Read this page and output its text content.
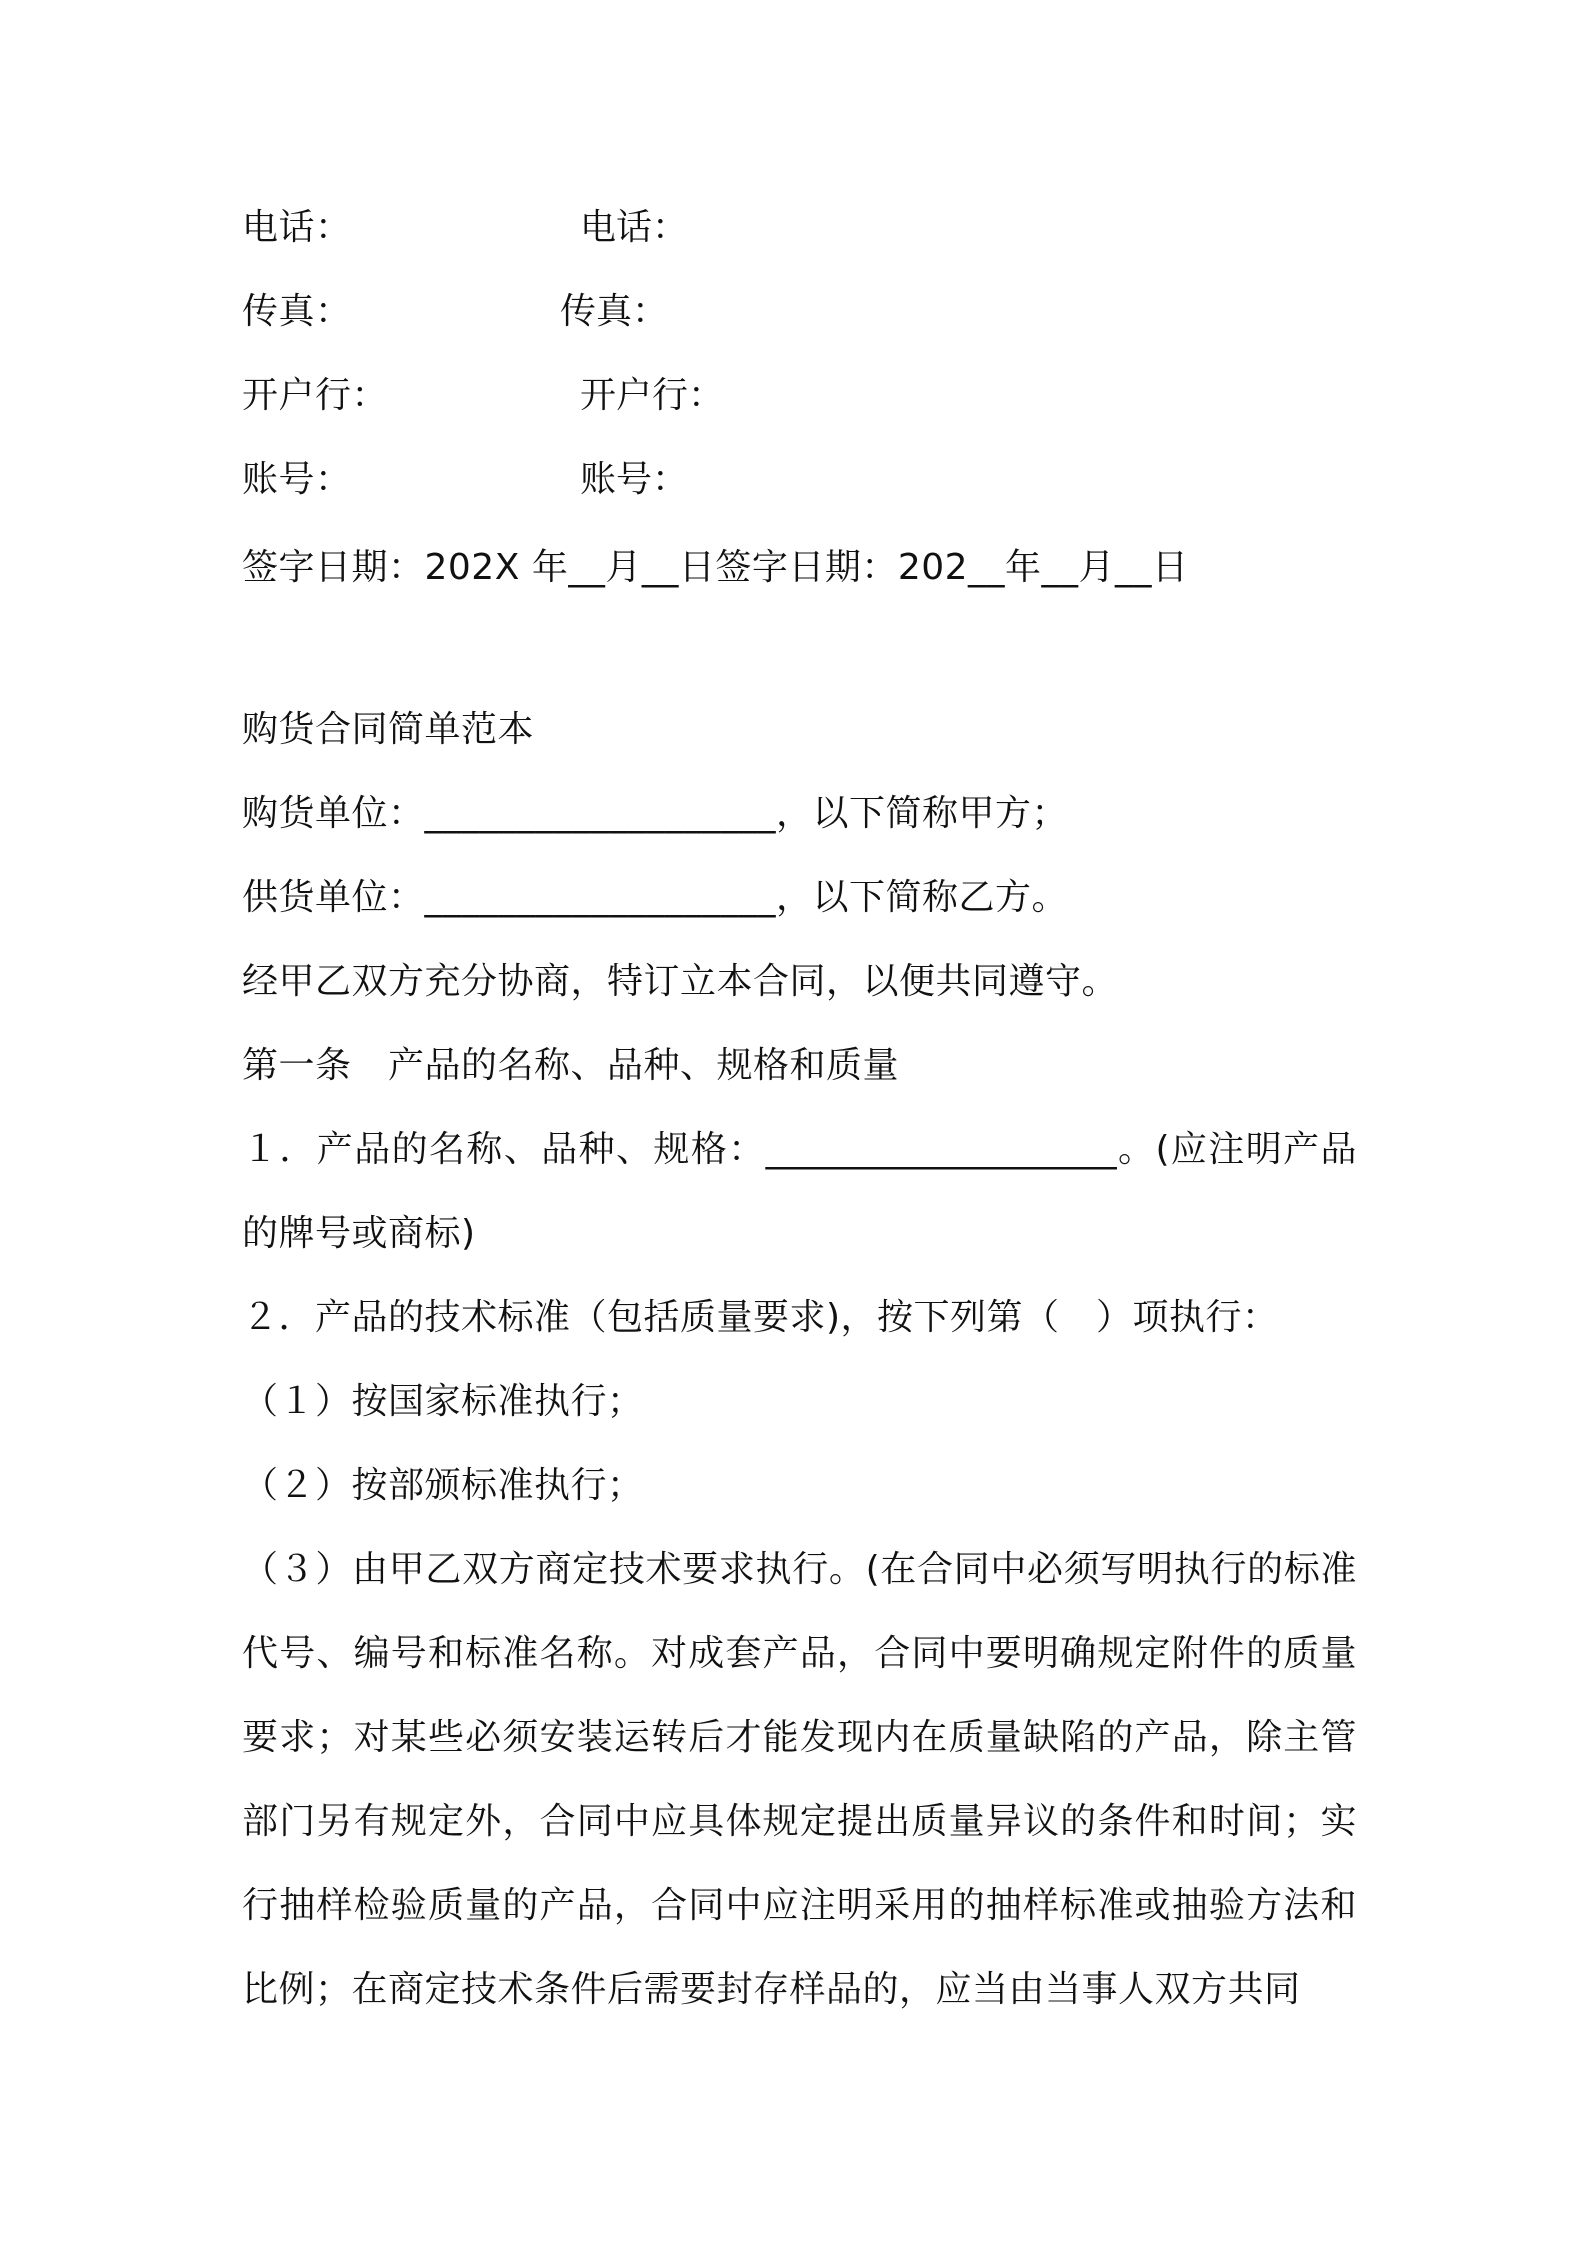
电话：	电话：
传真：	传真：
开户行：	开户行：
账号：	账号：
签字日期：202X 年__月__日签字日期：202__年__月__日
购货合同简单范本
购货单位：___________________，以下简称甲方；
供货单位：___________________，以下简称乙方。
经甲乙双方充分协商，特订立本合同，以便共同遵守。
第一条　产品的名称、品种、规格和质量
１．产品的名称、品种、规格：___________________。(应注明产品的牌号或商标)
２．产品的技术标准（包括质量要求)，按下列第（　）项执行：
（１）按国家标准执行；
（２）按部颁标准执行；
（３）由甲乙双方商定技术要求执行。(在合同中必须写明执行的标准代号、编号和标准名称。对成套产品，合同中要明确规定附件的质量要求；对某些必须安装运转后才能发现内在质量缺陷的产品，除主管部门另有规定外，合同中应具体规定提出质量异议的条件和时间；实行抽样检验质量的产品，合同中应注明采用的抽样标准或抽验方法和比例；在商定技术条件后需要封存样品的，应当由当事人双方共同
